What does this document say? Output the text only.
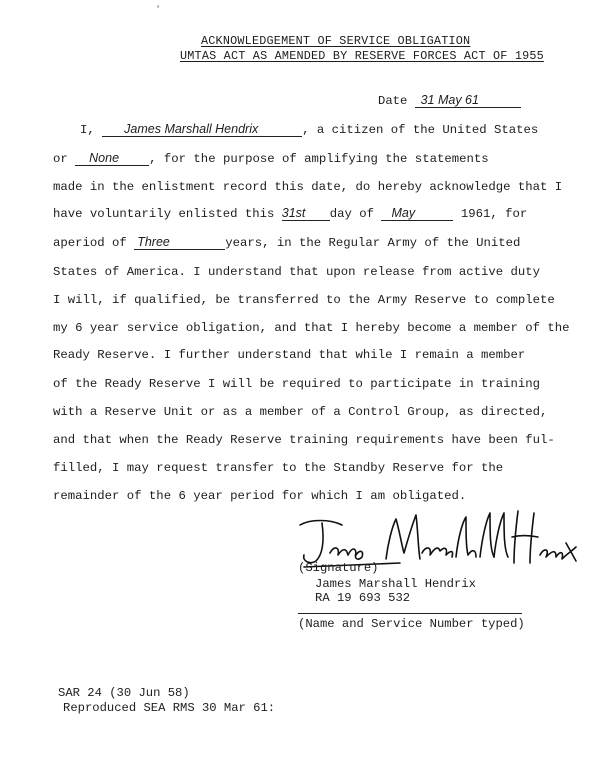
ʼ
ACKNOWLEDGEMENT OF SERVICE OBLIGATION
UMTAS ACT AS AMENDED BY RESERVE FORCES ACT OF 1955
Date 31 May 61
I, James Marshall Hendrix	, a citizen of the United States
or None , for the purpose of amplifying the statements
made in the enlistment record this date, do hereby acknowledge that I
have voluntarily enlisted this 31st day of May	1961, for
aperiod of Three	years, in the Regular Army of the United
States of America. I understand that upon release from active duty
I will, if qualified, be transferred to the Army Reserve to complete
my 6 year service obligation, and that I hereby become a member of the
Ready Reserve. I further understand that while I remain a member
of the Ready Reserve I will be required to participate in training
with a Reserve Unit or as a member of a Control Group, as directed,
and that when the Ready Reserve training requirements have been ful-
filled, I may request transfer to the Standby Reserve for the
remainder of the 6 year period for which I am obligated.
(Signature)
James Marshall Hendrix
RA 19 693 532
(Name and Service Number typed)
SAR 24 (30 Jun 58)
Reproduced SEA RMS 30 Mar 61:
